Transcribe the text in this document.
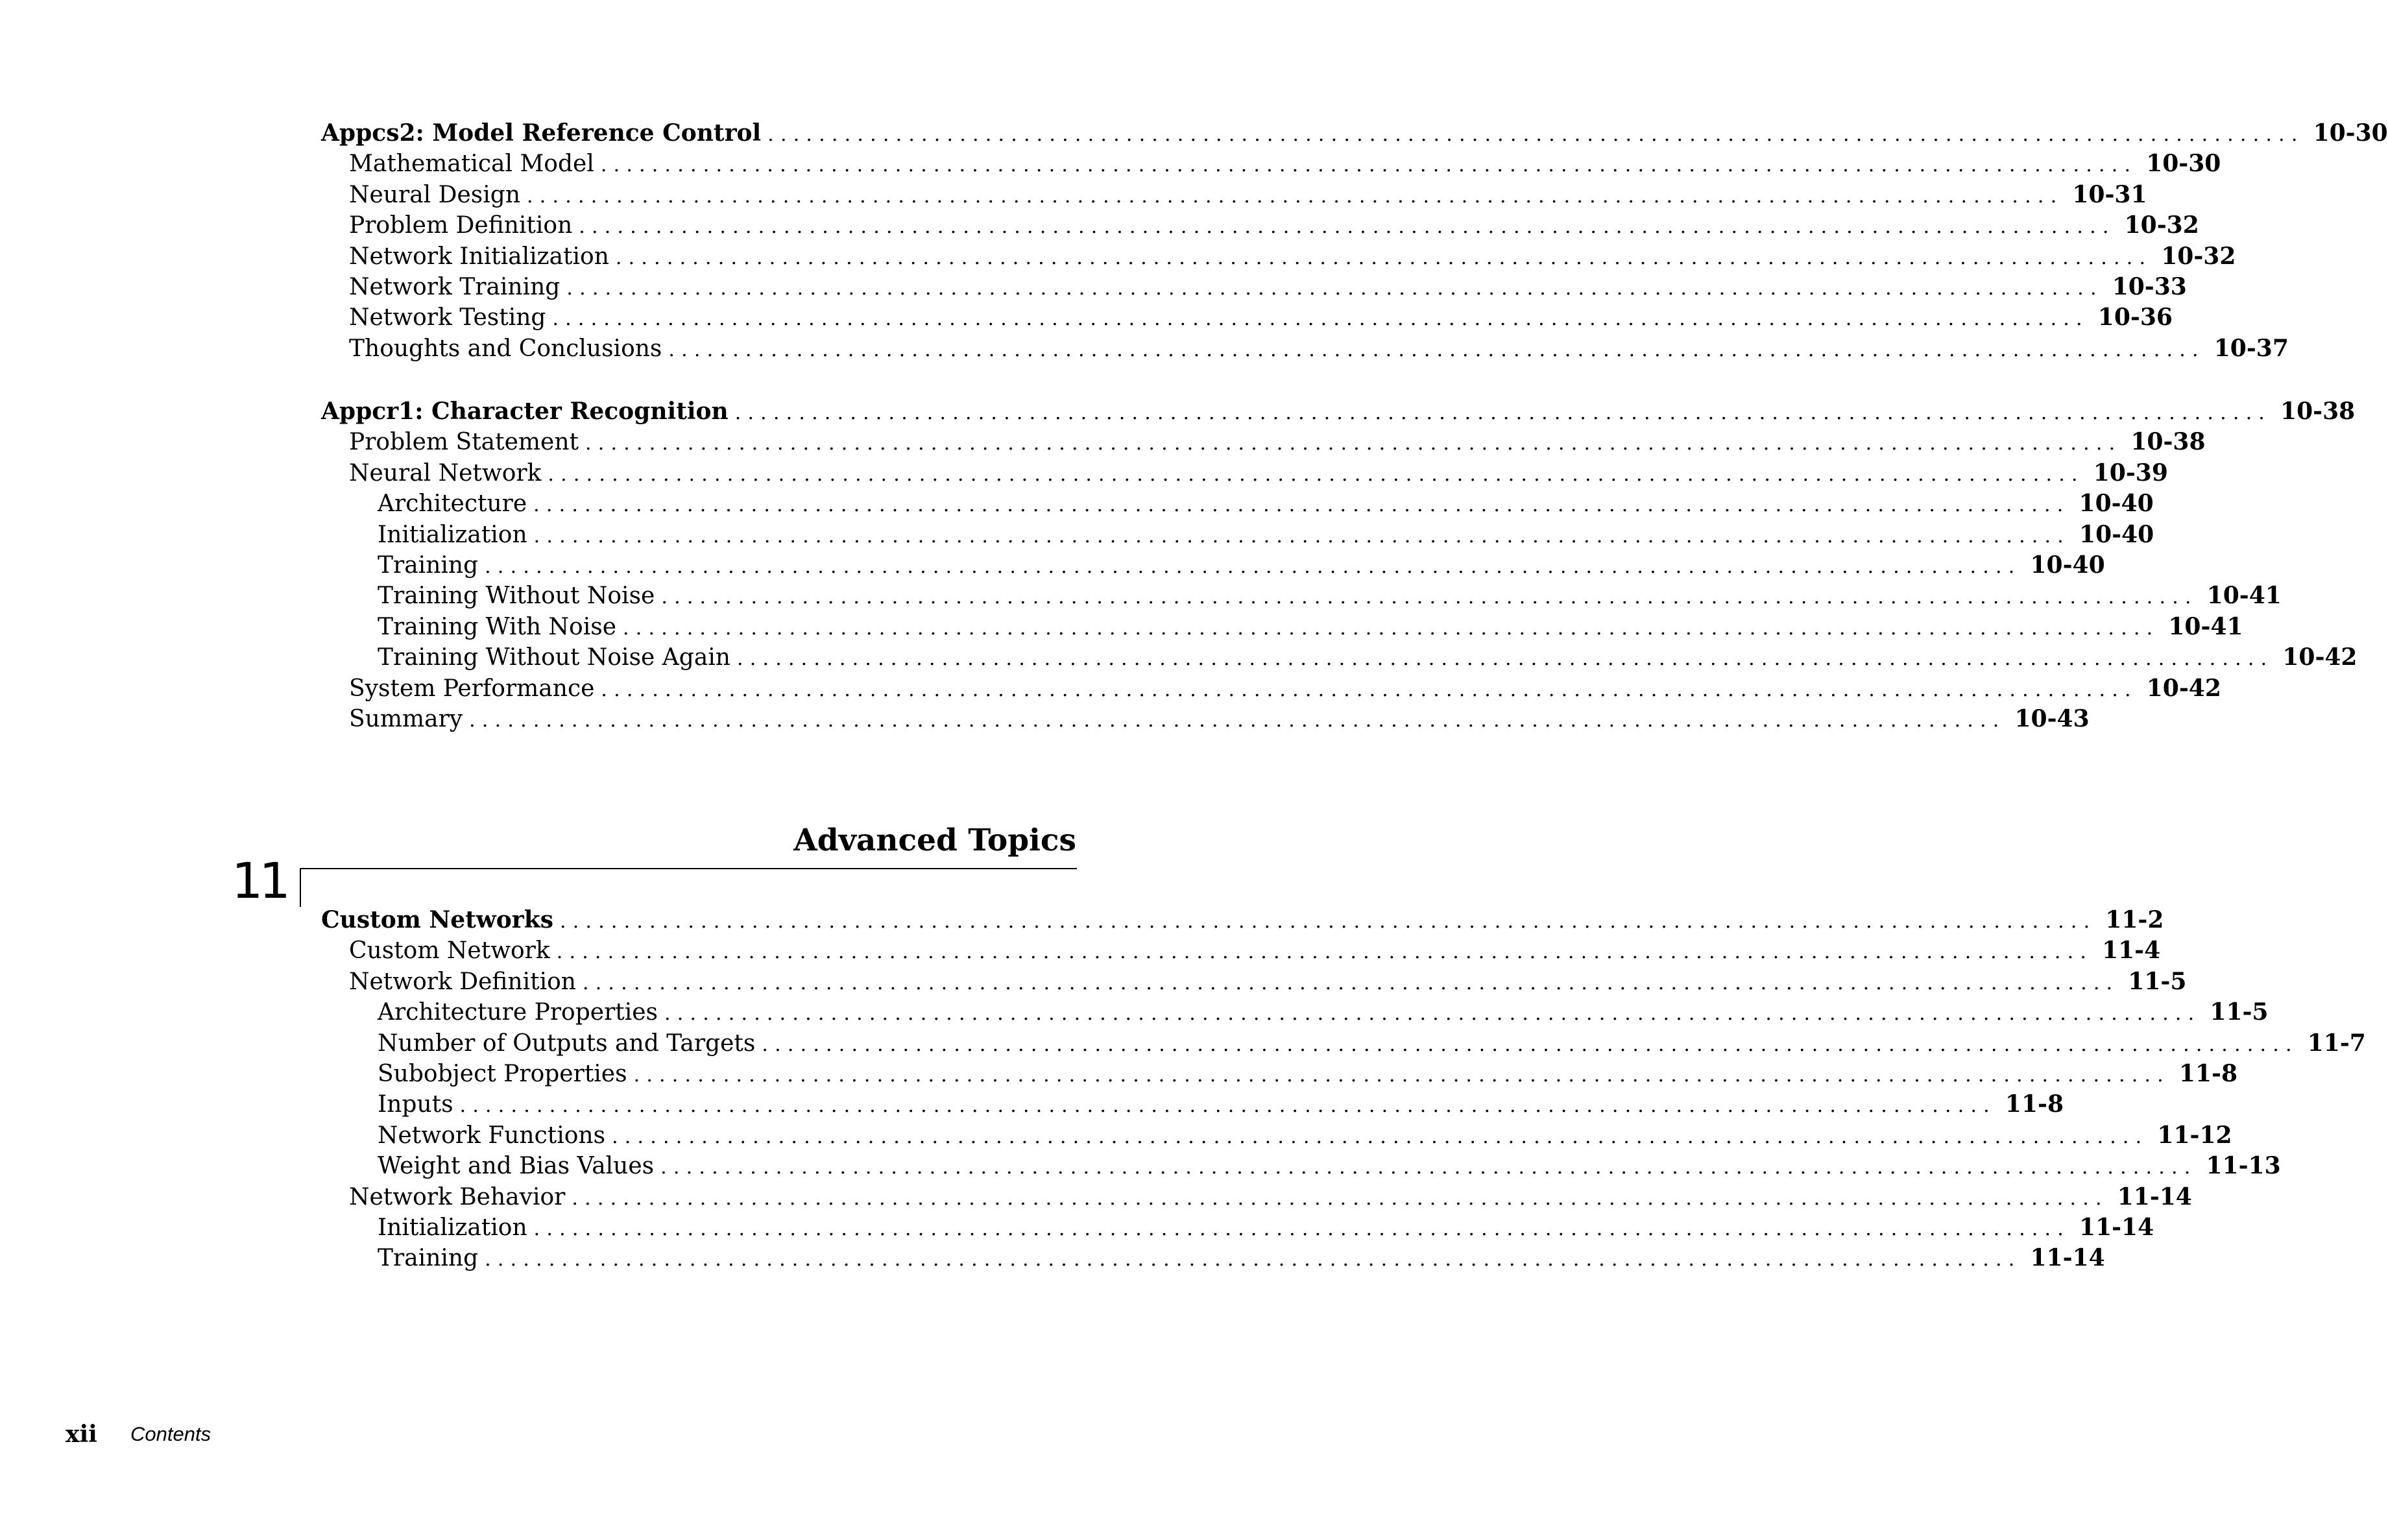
Appcs2: Model Reference Control ........................................................................................................................ 10-30
Mathematical Model ........................................................................................................................ 10-30
Neural Design ........................................................................................................................ 10-31
Problem Definition ........................................................................................................................ 10-32
Network Initialization ........................................................................................................................ 10-32
Network Training ........................................................................................................................ 10-33
Network Testing ........................................................................................................................ 10-36
Thoughts and Conclusions ........................................................................................................................ 10-37
Appcr1: Character Recognition ........................................................................................................................ 10-38
Problem Statement ........................................................................................................................ 10-38
Neural Network ........................................................................................................................ 10-39
Architecture ........................................................................................................................ 10-40
Initialization ........................................................................................................................ 10-40
Training ........................................................................................................................ 10-40
Training Without Noise ........................................................................................................................ 10-41
Training With Noise ........................................................................................................................ 10-41
Training Without Noise Again ........................................................................................................................ 10-42
System Performance ........................................................................................................................ 10-42
Summary ........................................................................................................................ 10-43
Advanced Topics
11
Custom Networks ........................................................................................................................ 11-2
Custom Network ........................................................................................................................ 11-4
Network Definition ........................................................................................................................ 11-5
Architecture Properties ........................................................................................................................ 11-5
Number of Outputs and Targets ........................................................................................................................ 11-7
Subobject Properties ........................................................................................................................ 11-8
Inputs ........................................................................................................................ 11-8
Network Functions ........................................................................................................................ 11-12
Weight and Bias Values ........................................................................................................................ 11-13
Network Behavior ........................................................................................................................ 11-14
Initialization ........................................................................................................................ 11-14
Training ........................................................................................................................ 11-14
xii Contents
